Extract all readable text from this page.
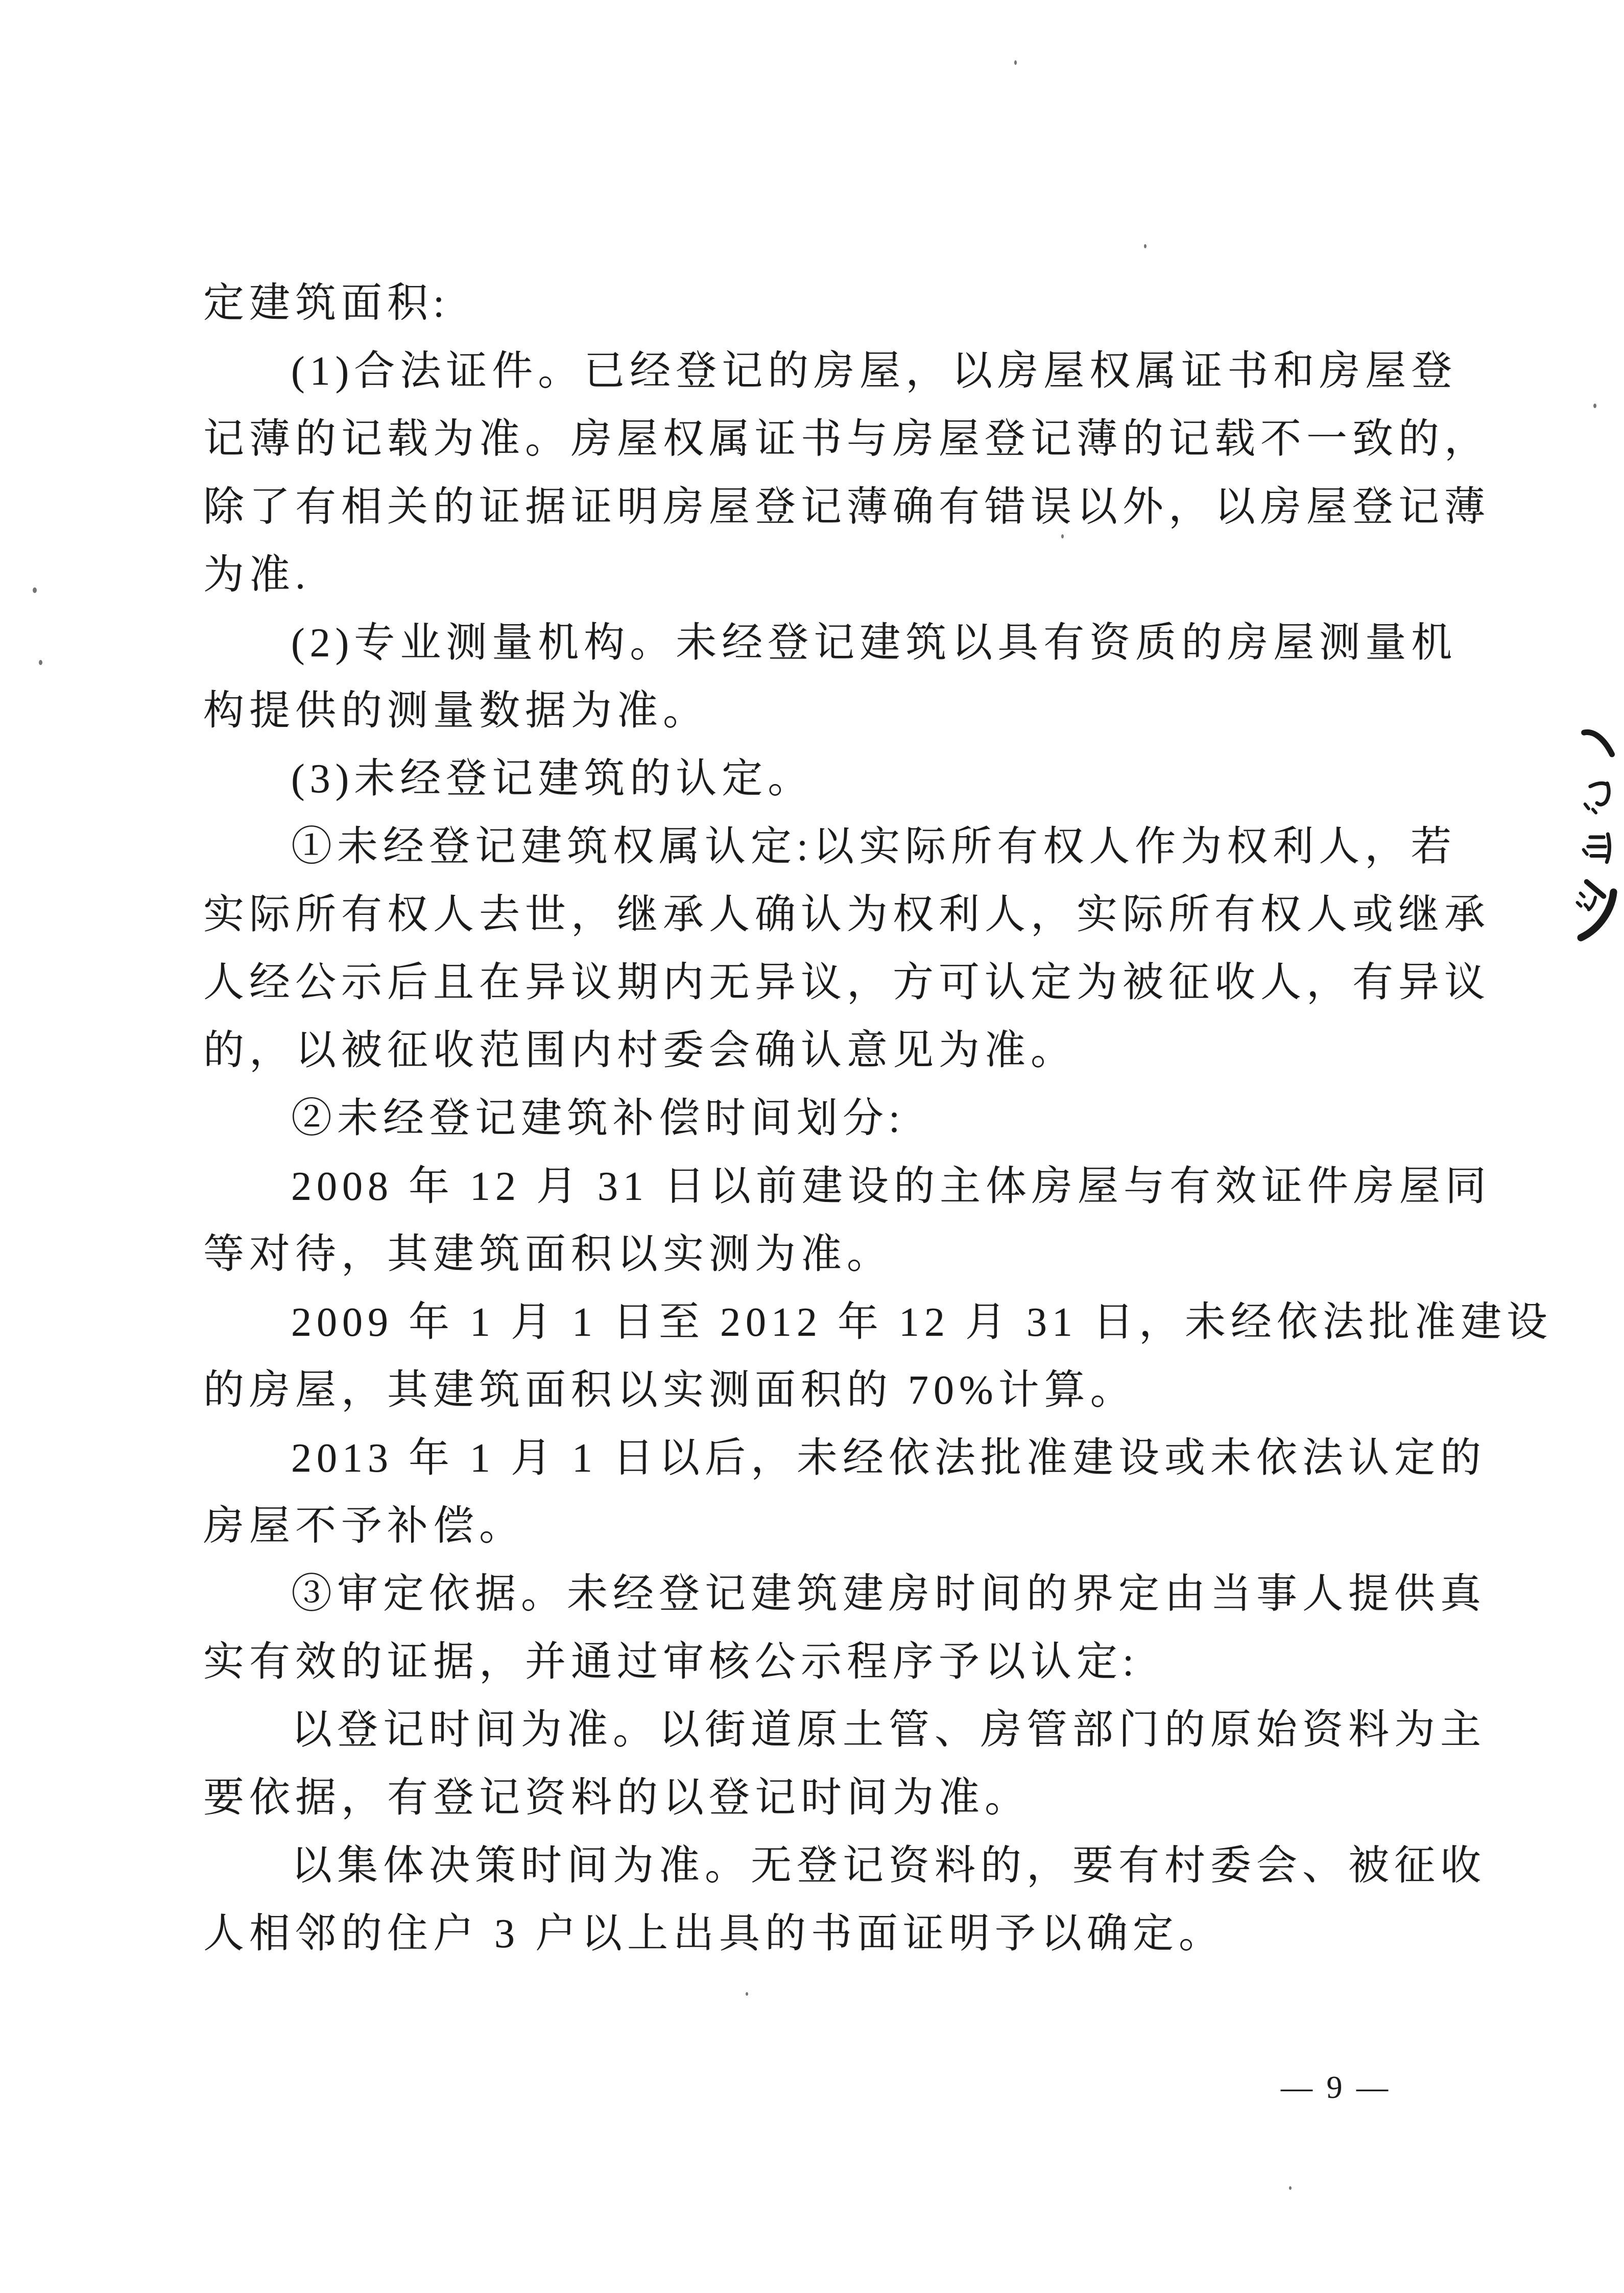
定建筑面积:

(1)合法证件。已经登记的房屋，以房屋权属证书和房屋登

记薄的记载为准。房屋权属证书与房屋登记薄的记载不一致的，

除了有相关的证据证明房屋登记薄确有错误以外，以房屋登记薄

为准.

(2)专业测量机构。未经登记建筑以具有资质的房屋测量机

构提供的测量数据为准。

(3)未经登记建筑的认定。

①未经登记建筑权属认定:以实际所有权人作为权利人，若

实际所有权人去世，继承人确认为权利人，实际所有权人或继承

人经公示后且在异议期内无异议，方可认定为被征收人，有异议

的，以被征收范围内村委会确认意见为准。

②未经登记建筑补偿时间划分:

2008 年 12 月 31 日以前建设的主体房屋与有效证件房屋同

等对待，其建筑面积以实测为准。

2009 年 1 月 1 日至 2012 年 12 月 31 日，未经依法批准建设

的房屋，其建筑面积以实测面积的 70%计算。

2013 年 1 月 1 日以后，未经依法批准建设或未依法认定的

房屋不予补偿。

③审定依据。未经登记建筑建房时间的界定由当事人提供真

实有效的证据，并通过审核公示程序予以认定:

以登记时间为准。以街道原土管、房管部门的原始资料为主

要依据，有登记资料的以登记时间为准。

以集体决策时间为准。无登记资料的，要有村委会、被征收

人相邻的住户 3 户以上出具的书面证明予以确定。

— 9 —
